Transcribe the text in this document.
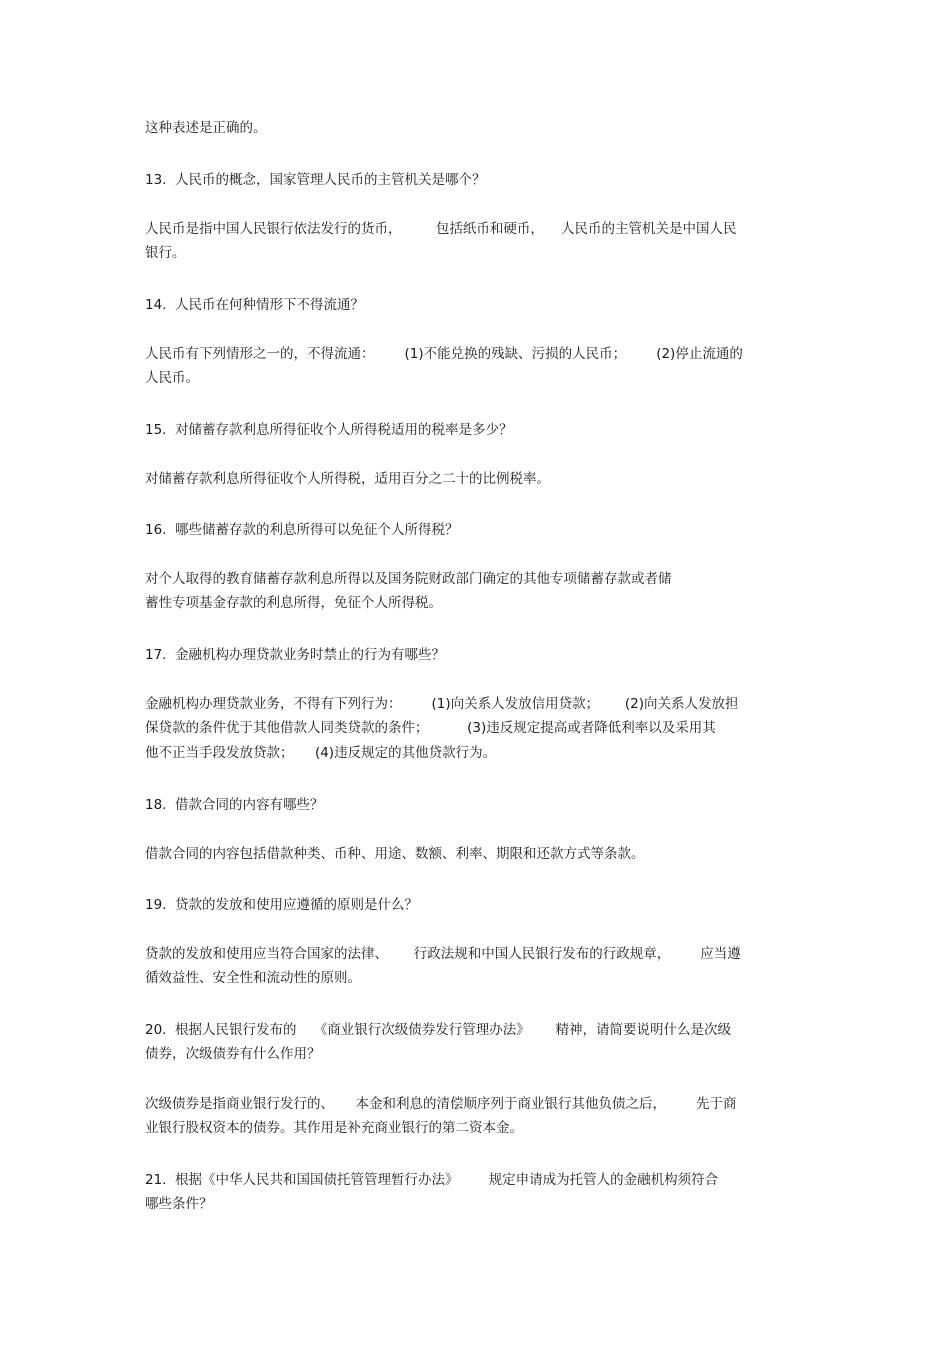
这种表述是正确的。

13.  人民币的概念，国家管理人民币的主管机关是哪个？

人民币是指中国人民银行依法发行的货币，        包括纸币和硬币，    人民币的主管机关是中国人民

银行。

14.  人民币在何种情形下不得流通？

人民币有下列情形之一的，不得流通：       (1)不能兑换的残缺、污损的人民币；       (2)停止流通的

人民币。

15.  对储蓄存款利息所得征收个人所得税适用的税率是多少？

对储蓄存款利息所得征收个人所得税，适用百分之二十的比例税率。

16.  哪些储蓄存款的利息所得可以免征个人所得税？

对个人取得的教育储蓄存款利息所得以及国务院财政部门确定的其他专项储蓄存款或者储

蓄性专项基金存款的利息所得，免征个人所得税。

17.  金融机构办理贷款业务时禁止的行为有哪些？

金融机构办理贷款业务，不得有下列行为：       (1)向关系人发放信用贷款；      (2)向关系人发放担

保贷款的条件优于其他借款人同类贷款的条件；         (3)违反规定提高或者降低利率以及采用其

他不正当手段发放贷款；     (4)违反规定的其他贷款行为。

18.  借款合同的内容有哪些？

借款合同的内容包括借款种类、币种、用途、数额、利率、期限和还款方式等条款。

19.  贷款的发放和使用应遵循的原则是什么？

贷款的发放和使用应当符合国家的法律、      行政法规和中国人民银行发布的行政规章，       应当遵

循效益性、安全性和流动性的原则。

20.  根据人民银行发布的    《商业银行次级债券发行管理办法》      精神，请简要说明什么是次级

债券，次级债券有什么作用？

次级债券是指商业银行发行的、     本金和利息的清偿顺序列于商业银行其他负债之后，       先于商

业银行股权资本的债券。其作用是补充商业银行的第二资本金。

21.  根据《中华人民共和国国债托管管理暂行办法》       规定申请成为托管人的金融机构须符合

哪些条件？
